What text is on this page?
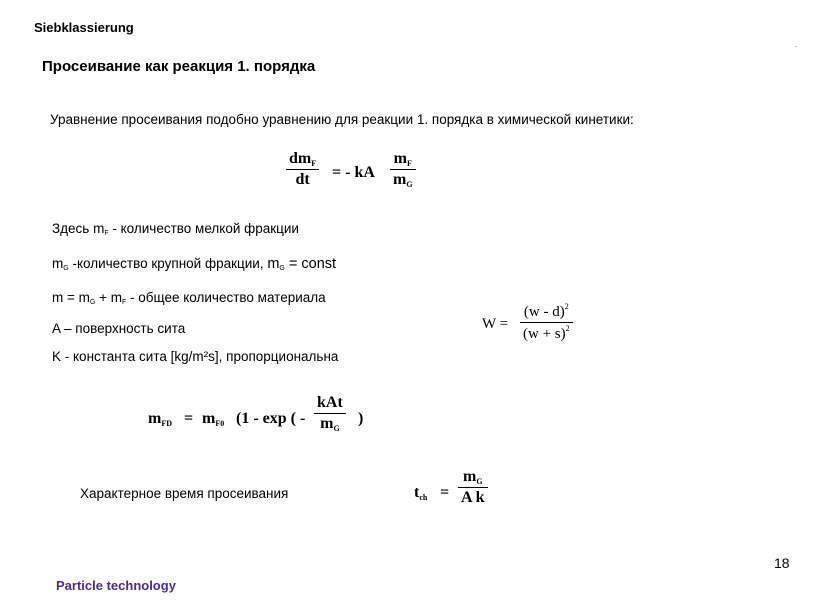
Siebklassierung
.
Просеивание как реакция 1. порядка
Уравнение просеивания подобно уравнению для реакции 1. порядка в химической кинетики:
dmF
dt	= - kA $\frac{mF}{mG}$
Здесь mF - количество мелкой фракции
mG -количество крупной фракции, mG = const
m = mG + mF - общее количество материала
A – поверхность сита
K - константа сита [kg/m²s], пропорциональна
$W = \frac{(w - d)^2}{(w + s)^2}$
mFD = mF0 (1 - exp ( -
kAt
mG
)
Характерное время просеивания	tch = $\frac{mG}{\text{A k}}$
18
Particle technology
